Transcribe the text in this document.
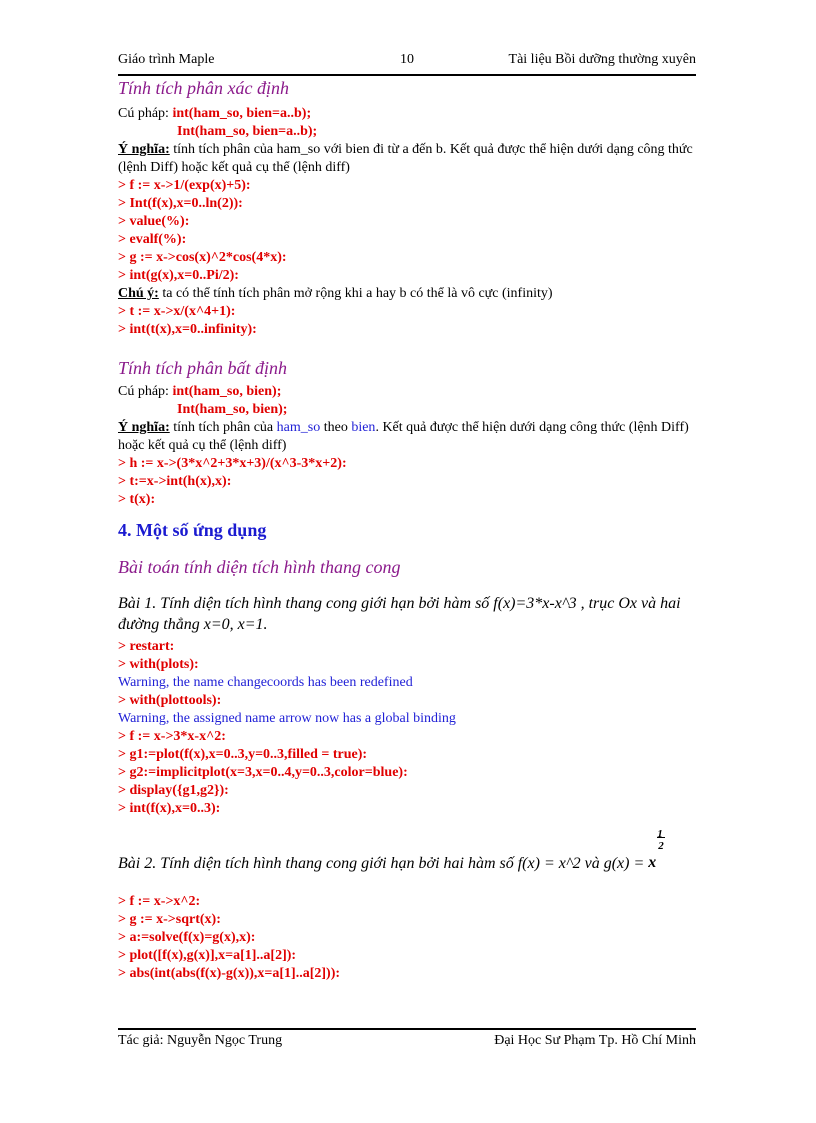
Giáo trình Maple	10	Tài liệu Bồi dưỡng thường xuyên
Tính tích phân xác định

Cú pháp: int(ham_so, bien=a..b);

Int(ham_so, bien=a..b);

Ý nghĩa: tính tích phân của ham_so với bien đi từ a đến b. Kết quả được thể hiện dưới dạng công thức (lệnh Diff) hoặc kết quả cụ thể (lệnh diff)

> f := x->1/(exp(x)+5):

> Int(f(x),x=0..ln(2)):

> value(%):

> evalf(%):

> g := x->cos(x)^2*cos(4*x):

> int(g(x),x=0..Pi/2):

Chú ý: ta có thể tính tích phân mở rộng khi a hay b có thể là vô cực (infinity)

> t := x->x/(x^4+1):

> int(t(x),x=0..infinity):

Tính tích phân bất định

Cú pháp: int(ham_so, bien);

Int(ham_so, bien);

Ý nghĩa: tính tích phân của ham_so theo bien. Kết quả được thể hiện dưới dạng công thức (lệnh Diff) hoặc kết quả cụ thể (lệnh diff)

> h := x->(3*x^2+3*x+3)/(x^3-3*x+2):

> t:=x->int(h(x),x):

> t(x):

4. Một số ứng dụng
Bài toán tính diện tích hình thang cong

Bài 1. Tính diện tích hình thang cong giới hạn bởi hàm số f(x)=3*x-x^3 , trục Ox và hai đường thẳng x=0, x=1.

> restart:

> with(plots):

Warning, the name changecoords has been redefined

> with(plottools):

Warning, the assigned name arrow now has a global binding

> f := x->3*x-x^2:

> g1:=plot(f(x),x=0..3,y=0..3,filled = true):

> g2:=implicitplot(x=3,x=0..4,y=0..3,color=blue):

> display({g1,g2}):

> int(f(x),x=0..3):

Bài 2. Tính diện tích hình thang cong giới hạn bởi hai hàm số f(x) = x^2 và g(x) = x
1
2

> f := x->x^2:

> g := x->sqrt(x):

> a:=solve(f(x)=g(x),x):

> plot([f(x),g(x)],x=a[1]..a[2]):

> abs(int(abs(f(x)-g(x)),x=a[1]..a[2])):

Tác giả: Nguyễn Ngọc Trung	Đại Học Sư Phạm Tp. Hồ Chí Minh
